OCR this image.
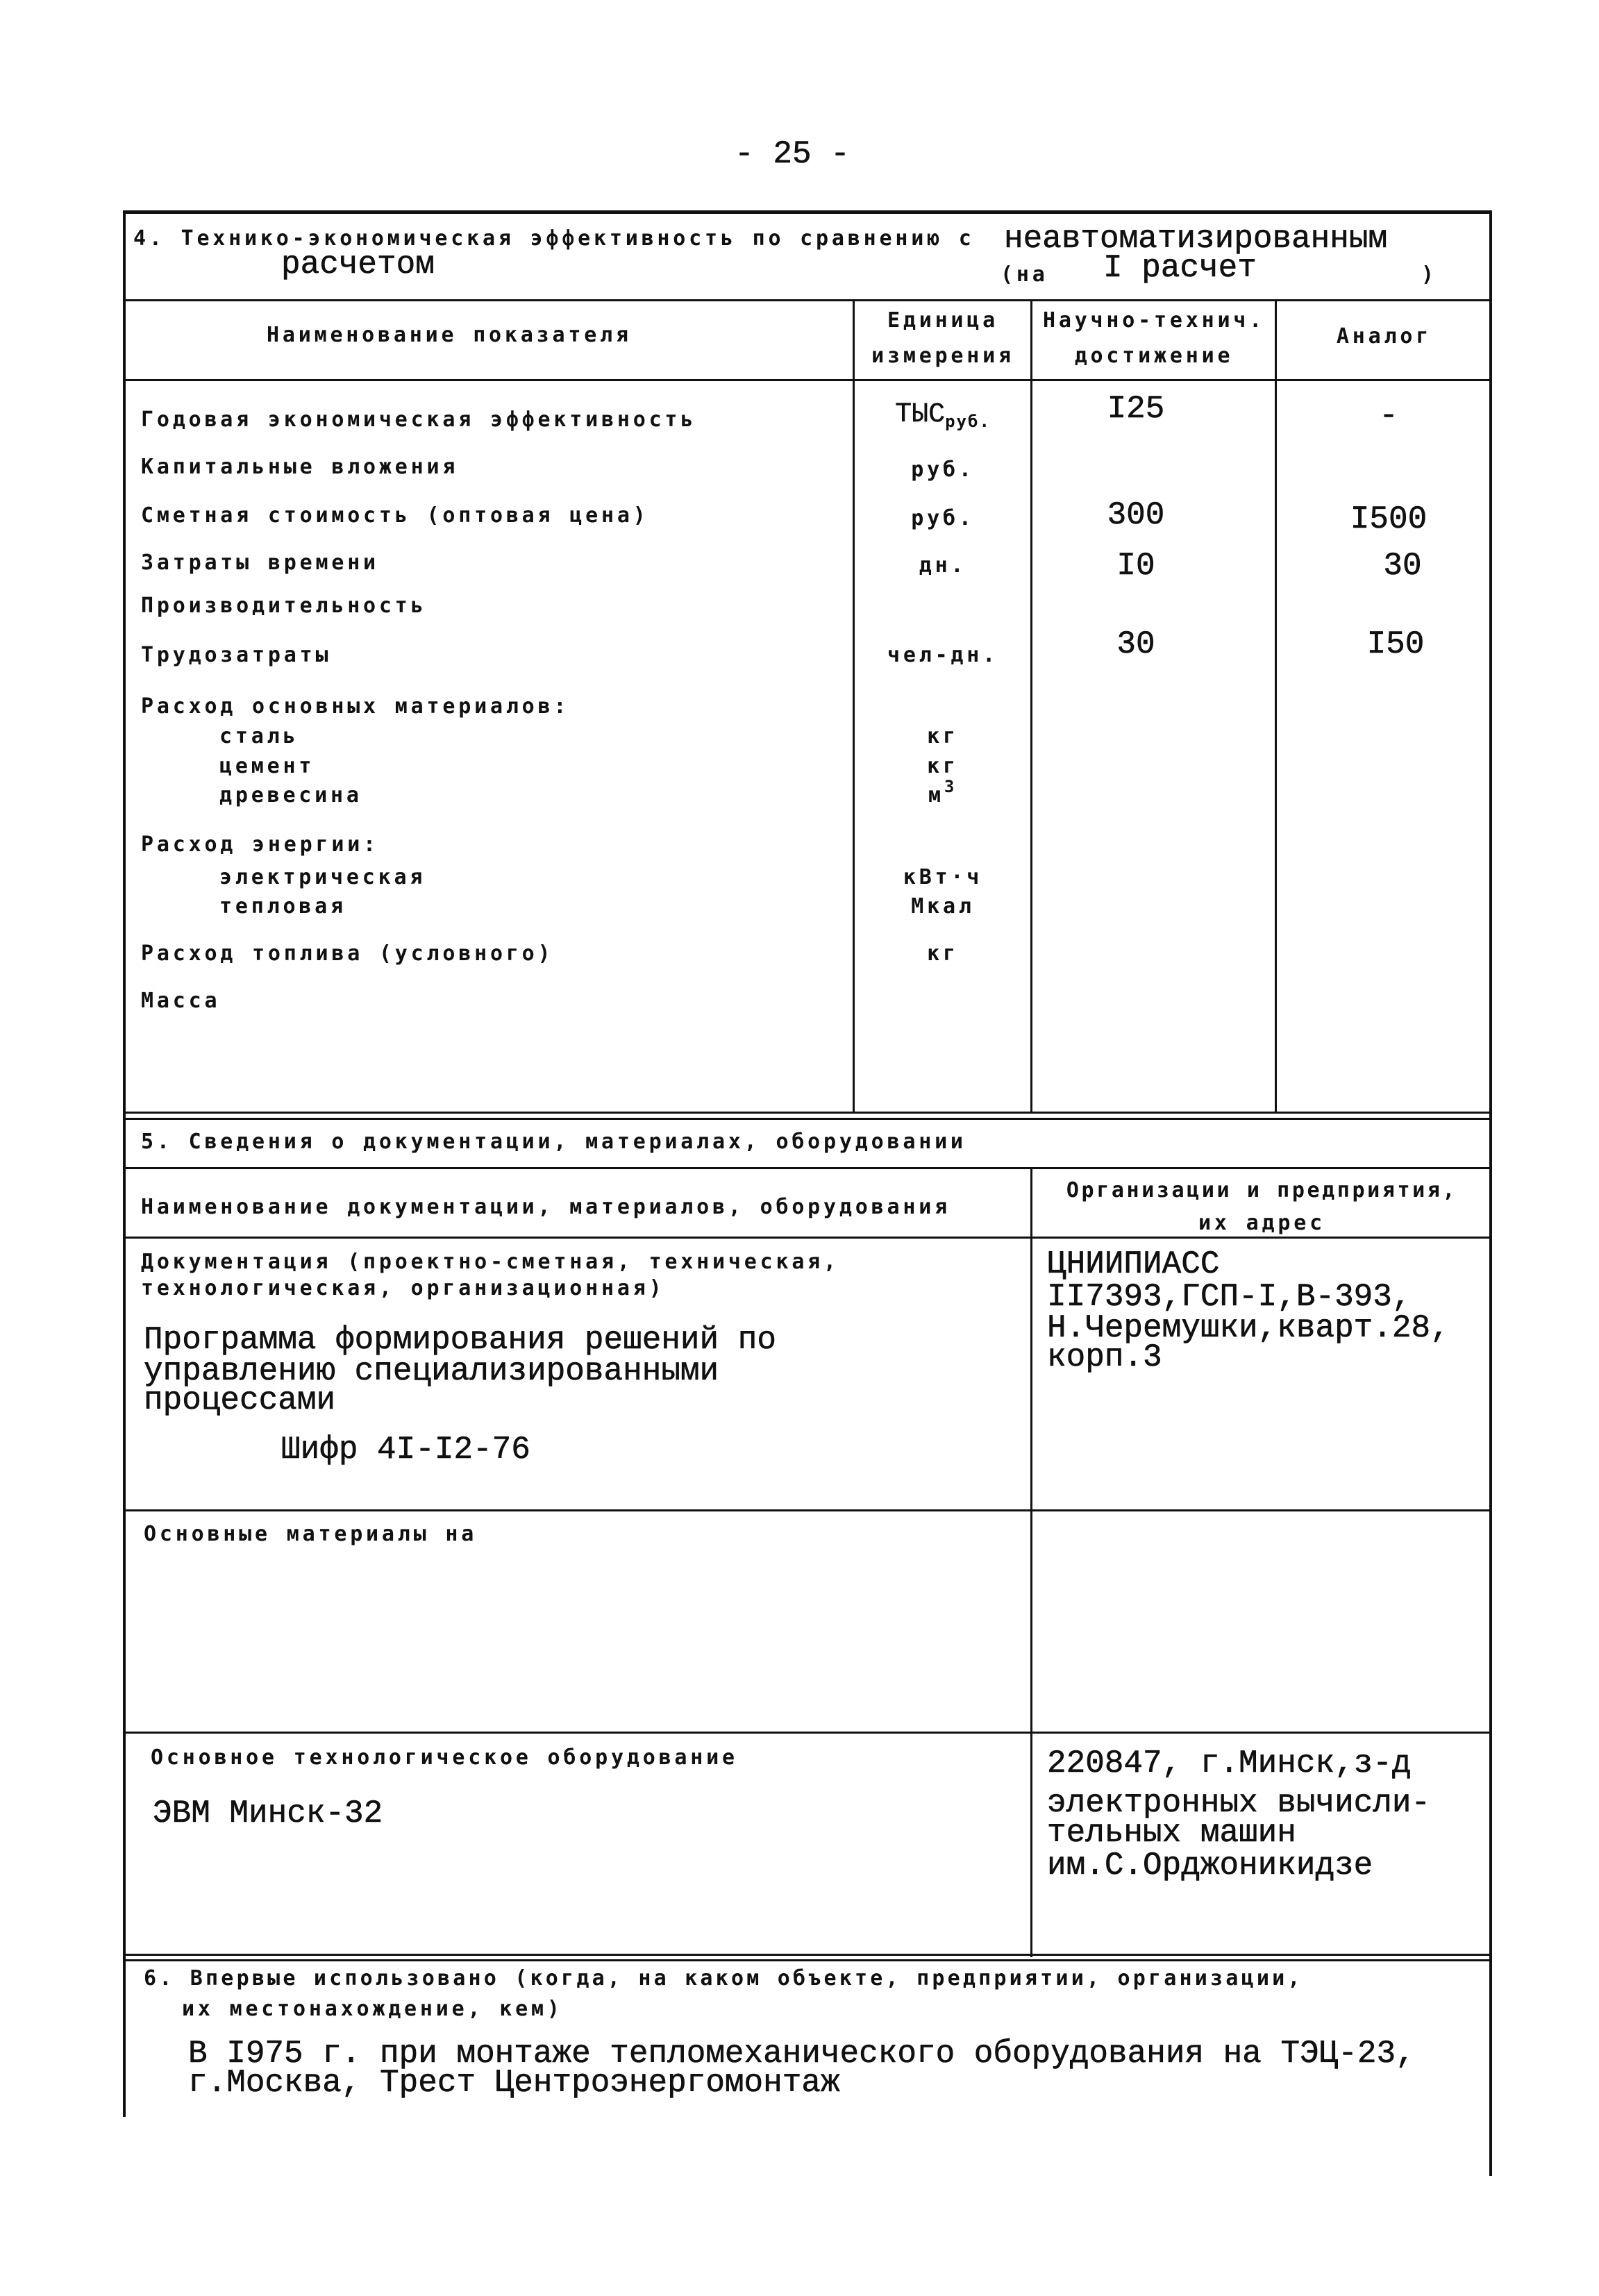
- 25 -
4. Технико-экономическая эффективность по сравнению с неавтоматизированным
расчетом	(на I расчет	)
Наименование показателя
Единица
измерения
Научно-технич.
достижение
Аналог
Годовая экономическая эффективность
Капитальные вложения
Сметная стоимость (оптовая цена)
Затраты времени
Производительность
Трудозатраты
Расход основных материалов:
сталь
цемент
древесина
Расход энергии:
электрическая
тепловая
Расход топлива (условного)
Масса
ТЫСруб.
руб.
руб.
дн.
чел-дн.
кг
кг
$м^3$
кВт·ч
Мкал
кг
I25
300
I0
30
-
I500
30
I50
5. Сведения о документации, материалах, оборудовании
Наименование документации, материалов, оборудования
Организации и предприятия,
их адрес
Документация (проектно-сметная, техническая,
технологическая, организационная)
Программа формирования решений по
управлению специализированными
процессами
Шифр 4I-I2-76
ЦНИИПИАСС
II7393,ГСП-I,В-393,
Н.Черемушки,кварт.28,
корп.3
Основные материалы на
Основное технологическое оборудование
ЭВМ Минск-32
220847, г.Минск,з-д
электронных вычисли-
тельных машин
им.С.Орджоникидзе
6. Впервые использовано (когда, на каком объекте, предприятии, организации,
их местонахождение, кем)
В I975 г. при монтаже тепломеханического оборудования на ТЭЦ-23,
г.Москва, Трест Центроэнергомонтаж
